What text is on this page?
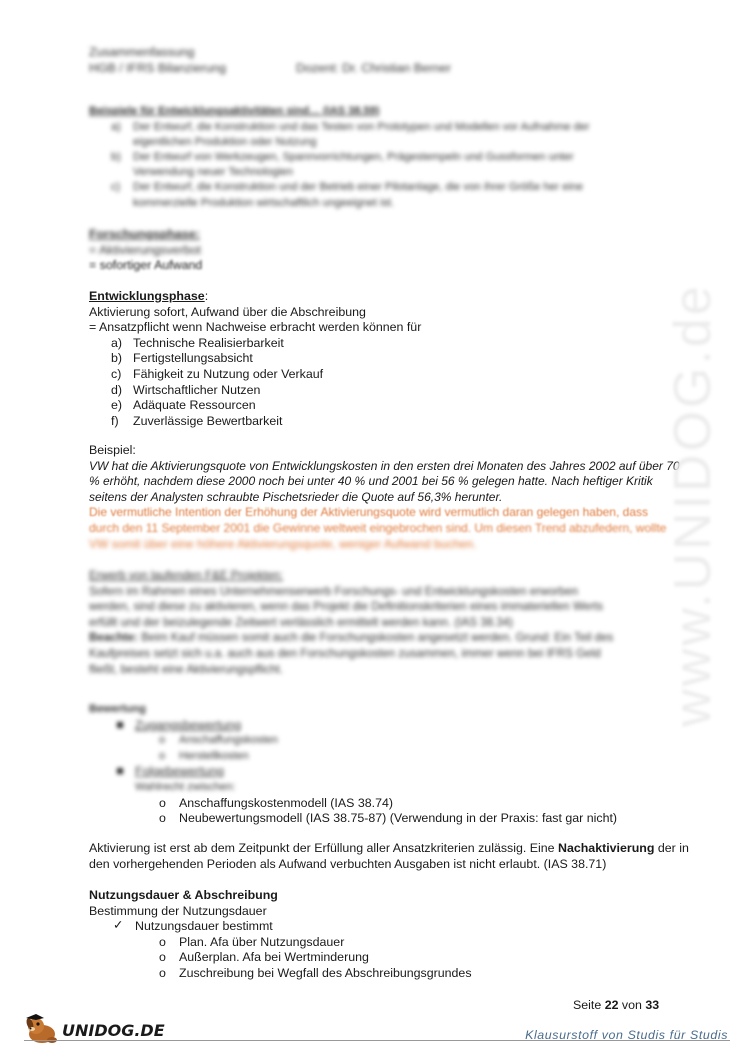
Zusammenfassung
HGB / IFRS Bilanzierung	Dozent: Dr. Christian Berner
Beispiele für Entwicklungsaktivitäten sind… (IAS 38.59)
a) Der Entwurf, die Konstruktion und das Testen von Prototypen und Modellen vor Aufnahme der
eigentlichen Produktion oder Nutzung
b) Der Entwurf von Werkzeugen, Spannvorrichtungen, Prägestempeln und Gussformen unter
Verwendung neuer Technologien
c) Der Entwurf, die Konstruktion und der Betrieb einer Pilotanlage, die von ihrer Größe her eine
kommerzielle Produktion wirtschaftlich ungeeignet ist.
Forschungsphase:
= Aktivierungsverbot
= sofortiger Aufwand
Entwicklungsphase:
Aktivierung sofort, Aufwand über die Abschreibung
= Ansatzpflicht wenn Nachweise erbracht werden können für
a) Technische Realisierbarkeit
b) Fertigstellungsabsicht
c) Fähigkeit zu Nutzung oder Verkauf
d) Wirtschaftlicher Nutzen
e) Adäquate Ressourcen
f) Zuverlässige Bewertbarkeit
Beispiel:
VW hat die Aktivierungsquote von Entwicklungskosten in den ersten drei Monaten des Jahres 2002 auf über 70
% erhöht, nachdem diese 2000 noch bei unter 40 % und 2001 bei 56 % gelegen hatte. Nach heftiger Kritik
seitens der Analysten schraubte Pischetsrieder die Quote auf 56,3% herunter.
Die vermutliche Intention der Erhöhung der Aktivierungsquote wird vermutlich daran gelegen haben, dass
durch den 11 September 2001 die Gewinne weltweit eingebrochen sind. Um diesen Trend abzufedern, wollte
VW somit über eine höhere Aktivierungsquote, weniger Aufwand buchen.
Erwerb von laufenden F&E Projekten:
Sofern im Rahmen eines Unternehmenserwerb Forschungs- und Entwicklungskosten erworben
werden, sind diese zu aktivieren, wenn das Projekt die Definitionskriterien eines immateriellen Werts
erfüllt und der beizulegende Zeitwert verlässlich ermittelt werden kann. (IAS 38.34)
Beachte: Beim Kauf müssen somit auch die Forschungskosten angesetzt werden. Grund: Ein Teil des
Kaufpreises setzt sich u.a. auch aus den Forschungskosten zusammen, immer wenn bei IFRS Geld
fließt, besteht eine Aktivierungspflicht.
Bewertung
Zugangsbewertung
o Anschaffungskosten
o Herstellkosten
Folgebewertung
Wahlrecht zwischen:
o Anschaffungskostenmodell (IAS 38.74)
o Neubewertungsmodell (IAS 38.75-87) (Verwendung in der Praxis: fast gar nicht)
Aktivierung ist erst ab dem Zeitpunkt der Erfüllung aller Ansatzkriterien zulässig. Eine Nachaktivierung der in
den vorhergehenden Perioden als Aufwand verbuchten Ausgaben ist nicht erlaubt. (IAS 38.71)
Nutzungsdauer & Abschreibung
Bestimmung der Nutzungsdauer
✓ Nutzungsdauer bestimmt
o Plan. Afa über Nutzungsdauer
o Außerplan. Afa bei Wertminderung
o Zuschreibung bei Wegfall des Abschreibungsgrundes
www.UNIDOG.de
Seite 22 von 33
UNIDOG.DE	Klausurstoff von Studis für Studis
